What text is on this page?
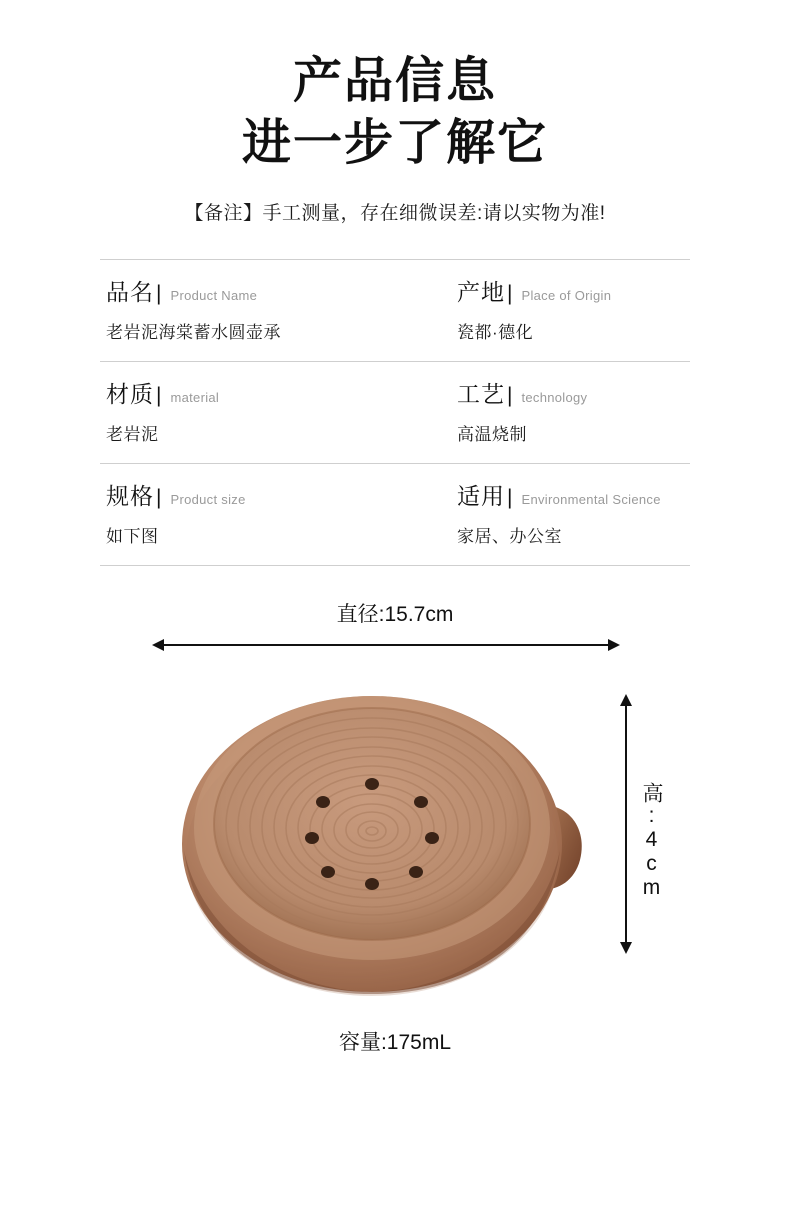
产品信息
进一步了解它
【备注】手工测量，存在细微误差:请以实物为准!
品名 | Product Name
老岩泥海棠蓄水圆壶承
产地 | Place of Origin
瓷都·德化
材质 | material
老岩泥
工艺 | technology
高温烧制
规格 | Product size
如下图
适用 | Environmental Science
家居、办公室
直径:15.7cm
高:4cm
容量:175mL
